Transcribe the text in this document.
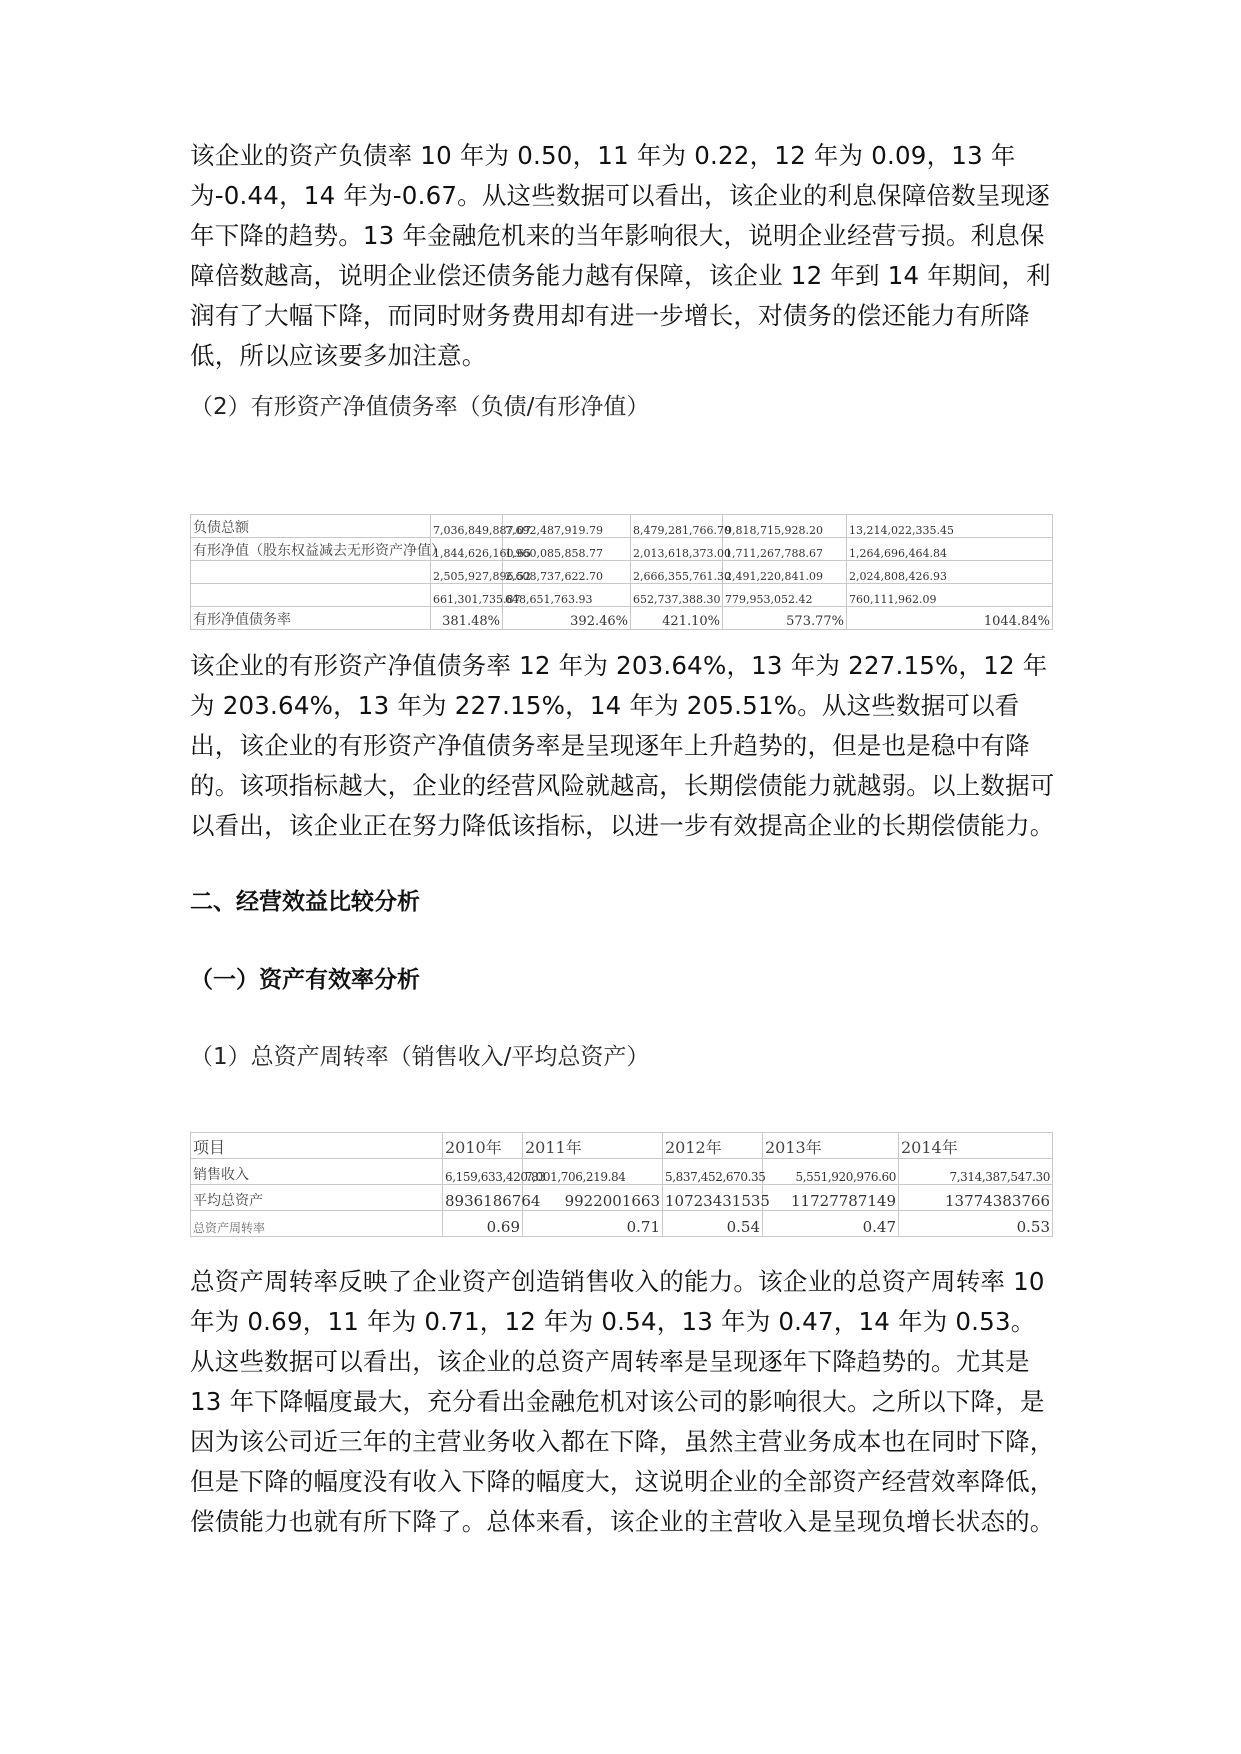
该企业的资产负债率 10 年为 0.50，11 年为 0.22，12 年为 0.09，13 年为-0.44，14 年为-0.67。从这些数据可以看出，该企业的利息保障倍数呈现逐年下降的趋势。13 年金融危机来的当年影响很大，说明企业经营亏损。利息保障倍数越高，说明企业偿还债务能力越有保障，该企业 12 年到 14 年期间，利润有了大幅下降，而同时财务费用却有进一步增长，对债务的偿还能力有所降低，所以应该要多加注意。

（2）有形资产净值债务率（负债/有形净值）

负债总额	7,036,849,887.07	7,692,487,919.79	8,479,281,766.70	9,818,715,928.20	13,214,022,335.45
有形净值（股东权益减去无形资产净值）	1,844,626,160.65	1,960,085,858.77	2,013,618,373.00	1,711,267,788.67	1,264,696,464.84
	2,505,927,896.52	2,608,737,622.70	2,666,355,761.30	2,491,220,841.09	2,024,808,426.93
	661,301,735.87	648,651,763.93	652,737,388.30	779,953,052.42	760,111,962.09
有形净值债务率	381.48%	392.46%	421.10%	573.77%	1044.84%

该企业的有形资产净值债务率 12 年为 203.64%，13 年为 227.15%，12 年为 203.64%，13 年为 227.15%，14 年为 205.51%。从这些数据可以看出，该企业的有形资产净值债务率是呈现逐年上升趋势的，但是也是稳中有降的。该项指标越大，企业的经营风险就越高，长期偿债能力就越弱。以上数据可以看出，该企业正在努力降低该指标，以进一步有效提高企业的长期偿债能力。

二、经营效益比较分析

（一）资产有效率分析

（1）总资产周转率（销售收入/平均总资产）

项目	2010年	2011年	2012年	2013年	2014年
销售收入	6,159,633,420.83	7,001,706,219.84	5,837,452,670.35	5,551,920,976.60	7,314,387,547.30
平均总资产	8936186764	9922001663	10723431535	11727787149	13774383766
总资产周转率	0.69	0.71	0.54	0.47	0.53

总资产周转率反映了企业资产创造销售收入的能力。该企业的总资产周转率 10 年为 0.69，11 年为 0.71，12 年为 0.54，13 年为 0.47，14 年为 0.53。从这些数据可以看出，该企业的总资产周转率是呈现逐年下降趋势的。尤其是 13 年下降幅度最大，充分看出金融危机对该公司的影响很大。之所以下降，是因为该公司近三年的主营业务收入都在下降，虽然主营业务成本也在同时下降，但是下降的幅度没有收入下降的幅度大，这说明企业的全部资产经营效率降低，偿债能力也就有所下降了。总体来看，该企业的主营收入是呈现负增长状态的。
